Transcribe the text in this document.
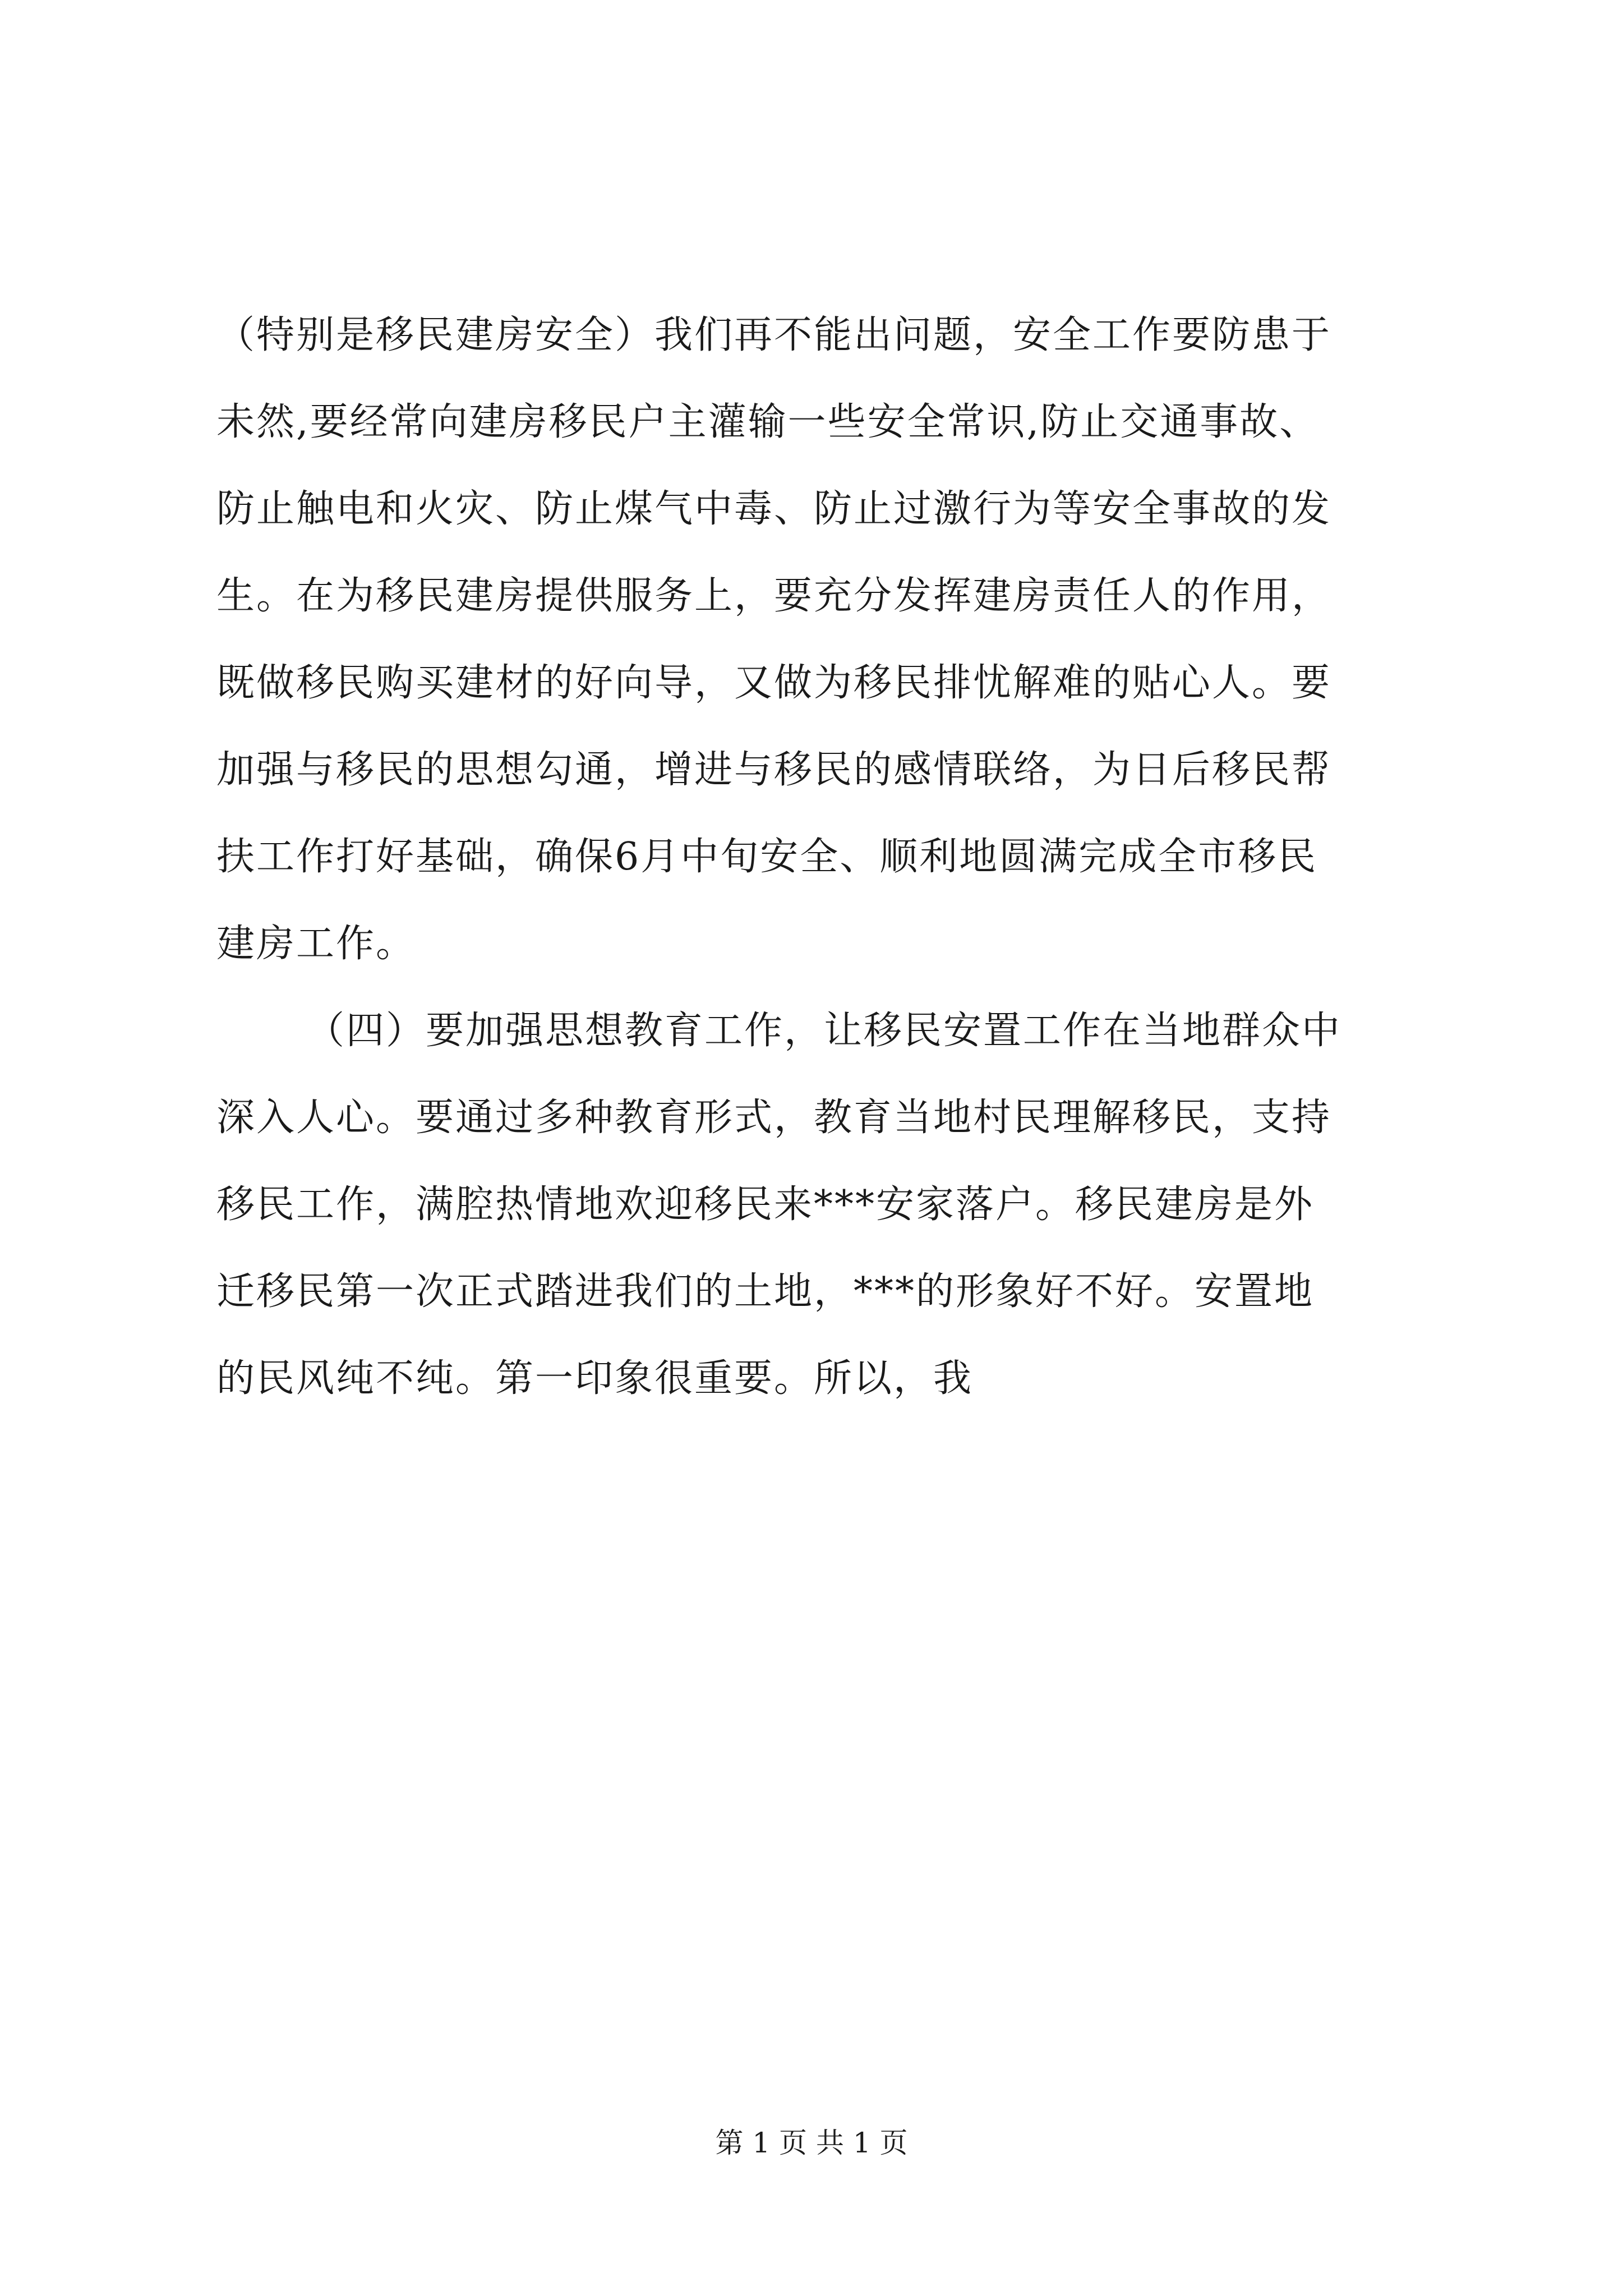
（特别是移民建房安全）我们再不能出问题，安全工作要防患于
未然,要经常向建房移民户主灌输一些安全常识,防止交通事故、
防止触电和火灾、防止煤气中毒、防止过激行为等安全事故的发
生。在为移民建房提供服务上，要充分发挥建房责任人的作用，
既做移民购买建材的好向导，又做为移民排忧解难的贴心人。要
加强与移民的思想勾通，增进与移民的感情联络，为日后移民帮
扶工作打好基础，确保6月中旬安全、顺利地圆满完成全市移民
建房工作。
（四）要加强思想教育工作，让移民安置工作在当地群众中
深入人心。要通过多种教育形式，教育当地村民理解移民，支持
移民工作，满腔热情地欢迎移民来***安家落户。移民建房是外
迁移民第一次正式踏进我们的土地，***的形象好不好。安置地
的民风纯不纯。第一印象很重要。所以，我
第 1 页 共 1 页
